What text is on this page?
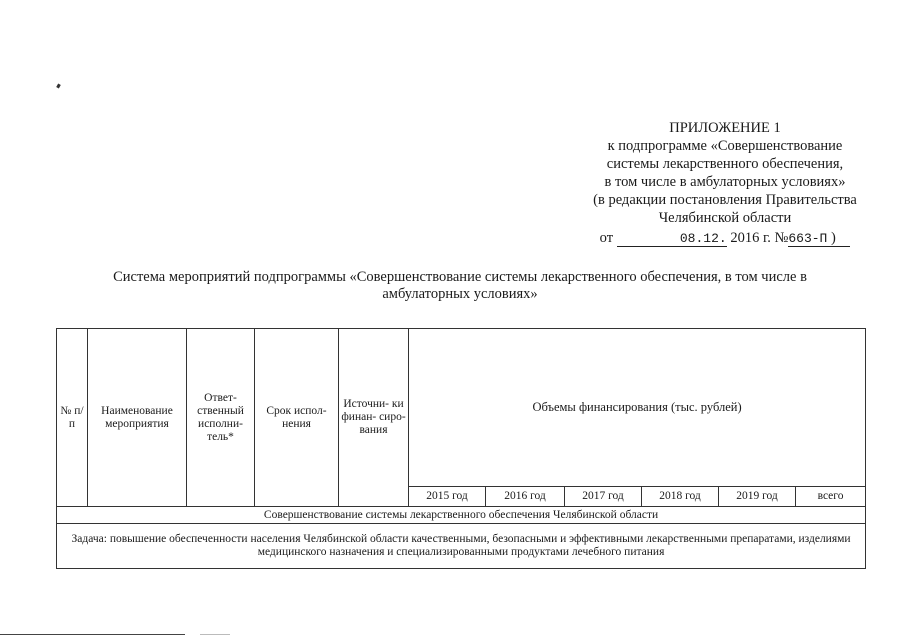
ПРИЛОЖЕНИЕ 1
к подпрограмме «Совершенствование
системы лекарственного обеспечения,
в том числе в амбулаторных условиях»
(в редакции постановления Правительства
Челябинской области
от	08.12. 2016 г. №663-П )
Система мероприятий подпрограммы «Совершенствование системы лекарственного обеспечения, в том числе в
амбулаторных условиях»
№ п/п	Наименование мероприятия	Ответ- ственный исполни- тель*	Срок испол- нения	Источни- ки финан- сиро- вания	Объемы финансирования (тыс. рублей)					
					2015 год	2016 год	2017 год	2018 год	2019 год	всего
Совершенствование системы лекарственного обеспечения Челябинской области										
Задача: повышение обеспеченности населения Челябинской области качественными, безопасными и эффективными лекарственными препаратами, изделиями медицинского назначения и специализированными продуктами лечебного питания										
